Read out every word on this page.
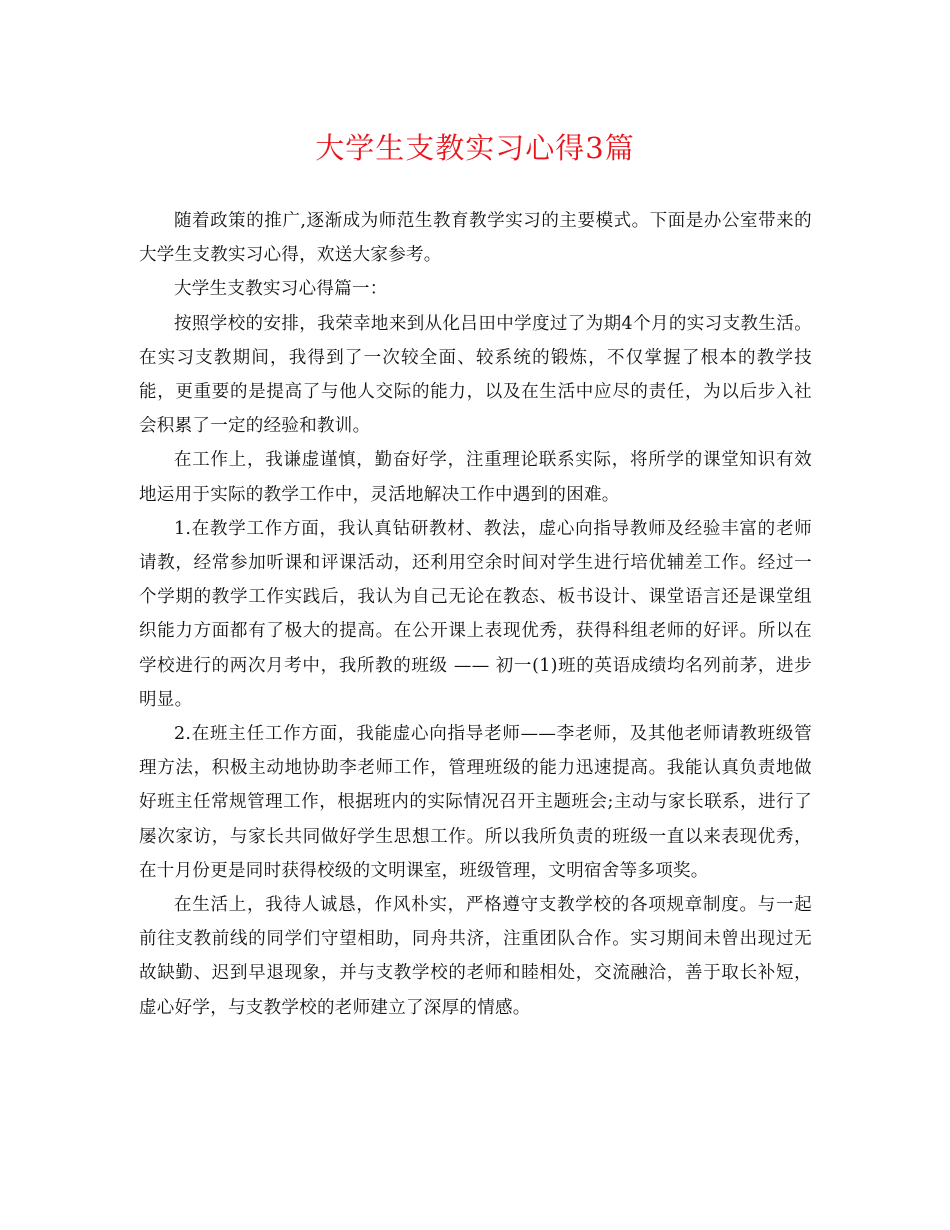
大学生支教实习心得3篇

随着政策的推广,逐渐成为师范生教育教学实习的主要模式。下面是办公室带来的大学生支教实习心得，欢送大家参考。

大学生支教实习心得篇一：

按照学校的安排，我荣幸地来到从化吕田中学度过了为期4个月的实习支教生活。在实习支教期间，我得到了一次较全面、较系统的锻炼，不仅掌握了根本的教学技能，更重要的是提高了与他人交际的能力，以及在生活中应尽的责任，为以后步入社会积累了一定的经验和教训。

在工作上，我谦虚谨慎，勤奋好学，注重理论联系实际，将所学的课堂知识有效地运用于实际的教学工作中，灵活地解决工作中遇到的困难。

1.在教学工作方面，我认真钻研教材、教法，虚心向指导教师及经验丰富的老师请教，经常参加听课和评课活动，还利用空余时间对学生进行培优辅差工作。经过一个学期的教学工作实践后，我认为自己无论在教态、板书设计、课堂语言还是课堂组织能力方面都有了极大的提高。在公开课上表现优秀，获得科组老师的好评。所以在学校进行的两次月考中，我所教的班级 —— 初一(1)班的英语成绩均名列前茅，进步明显。

2.在班主任工作方面，我能虚心向指导老师——李老师，及其他老师请教班级管理方法，积极主动地协助李老师工作，管理班级的能力迅速提高。我能认真负责地做好班主任常规管理工作，根据班内的实际情况召开主题班会;主动与家长联系，进行了屡次家访，与家长共同做好学生思想工作。所以我所负责的班级一直以来表现优秀，在十月份更是同时获得校级的文明课室，班级管理，文明宿舍等多项奖。

在生活上，我待人诚恳，作风朴实，严格遵守支教学校的各项规章制度。与一起前往支教前线的同学们守望相助，同舟共济，注重团队合作。实习期间未曾出现过无故缺勤、迟到早退现象，并与支教学校的老师和睦相处，交流融洽，善于取长补短，虚心好学，与支教学校的老师建立了深厚的情感。
